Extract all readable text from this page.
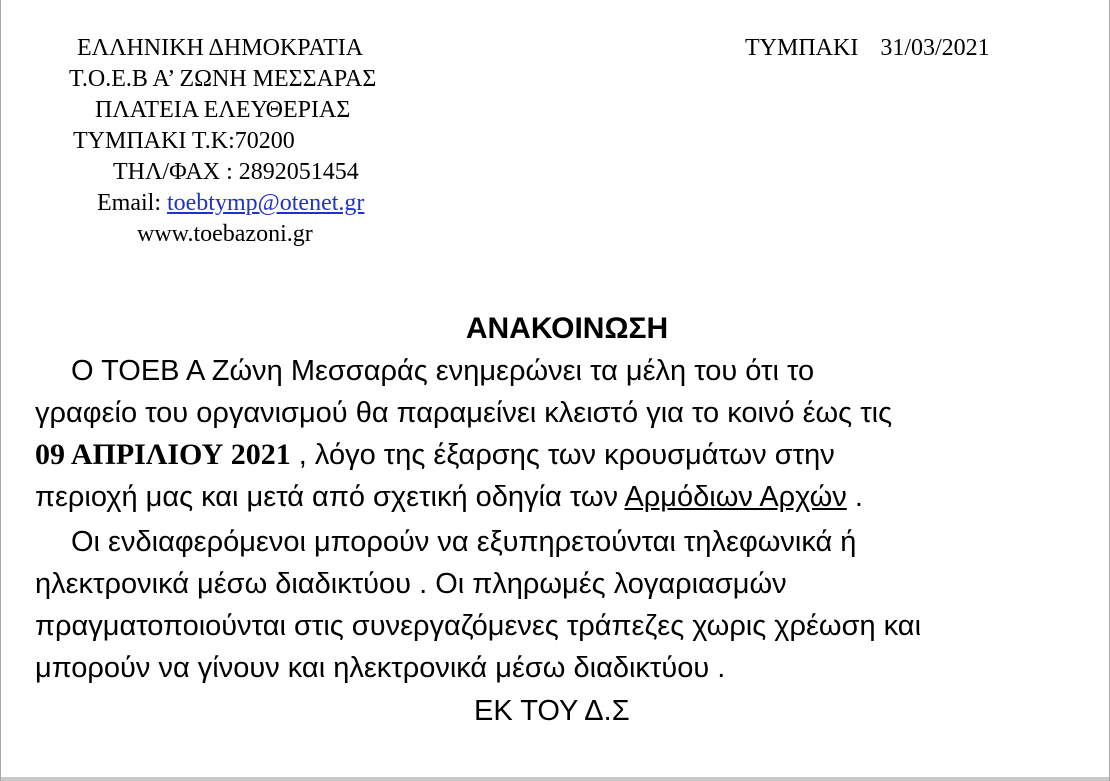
ΕΛΛΗΝΙΚΗ ΔΗΜΟΚΡΑΤΙΑ
Τ.Ο.Ε.Β Α’ ΖΩΝΗ ΜΕΣΣΑΡΑΣ
ΠΛΑΤΕΙΑ ΕΛΕΥΘΕΡΙΑΣ
ΤΥΜΠΑΚΙ Τ.Κ:70200
ΤΗΛ/ΦΑΧ : 2892051454
Email: toebtymp@otenet.gr
www.toebazoni.gr
ΤΥΜΠΑΚΙ 31/03/2021
ΑΝΑΚΟΙΝΩΣΗ
Ο ΤΟΕΒ Α Ζώνη Μεσσαράς ενημερώνει τα μέλη του ότι το
γραφείο του οργανισμού θα παραμείνει κλειστό για το κοινό έως τις
09 ΑΠΡΙΛΙΟΥ 2021 , λόγο της έξαρσης των κρουσμάτων στην
περιοχή μας και μετά από σχετική οδηγία των Αρμόδιων Αρχών .
Οι ενδιαφερόμενοι μπορούν να εξυπηρετούνται τηλεφωνικά ή
ηλεκτρονικά μέσω διαδικτύου . Οι πληρωμές λογαριασμών
πραγματοποιούνται στις συνεργαζόμενες τράπεζες χωρις χρέωση και
μπορούν να γίνουν και ηλεκτρονικά μέσω διαδικτύου .
ΕΚ ΤΟΥ Δ.Σ
